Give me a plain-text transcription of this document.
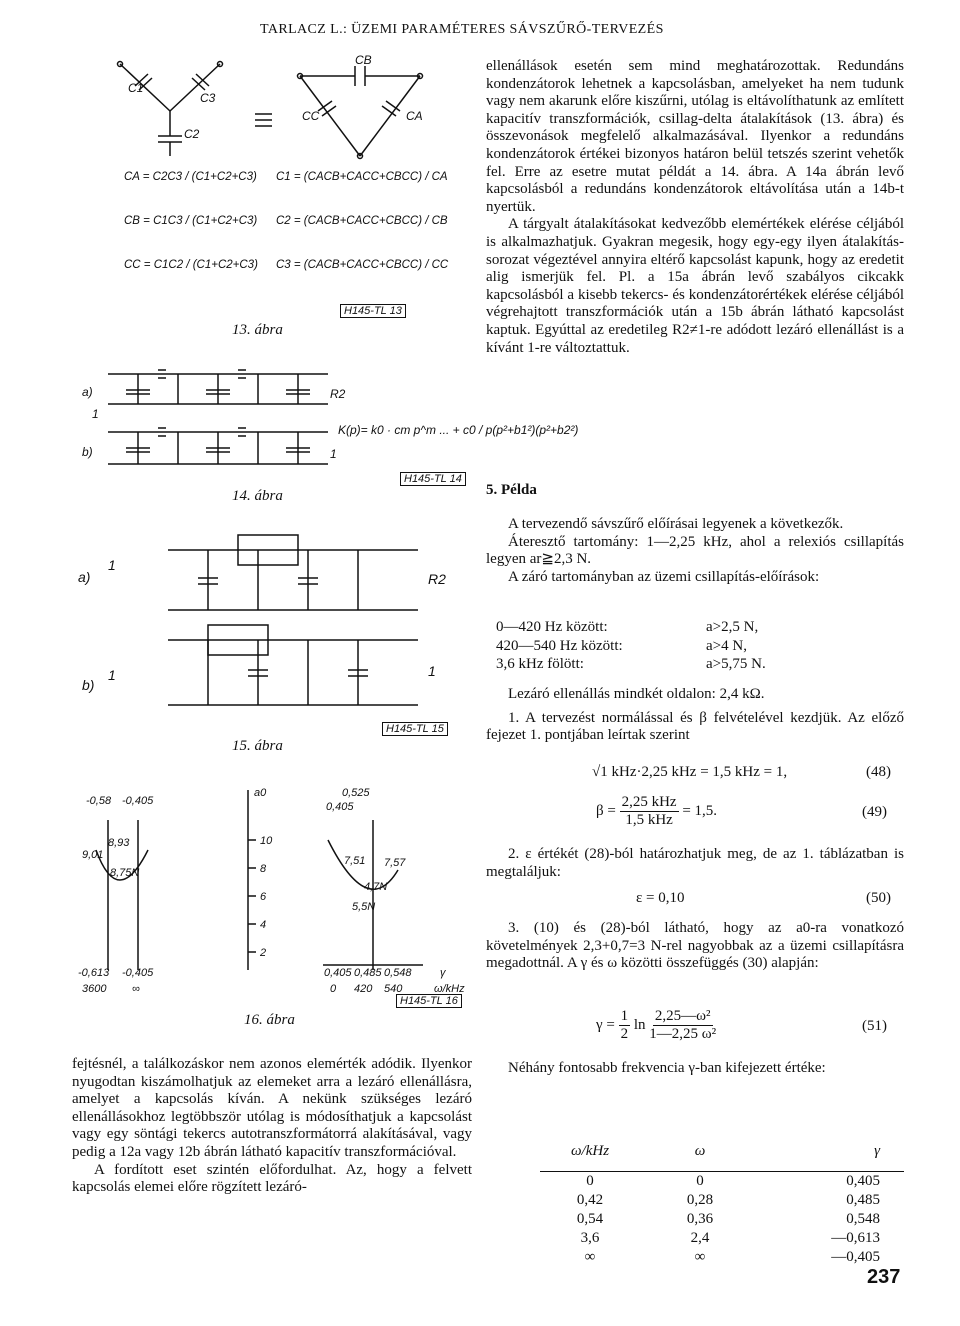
TARLACZ L.: ÜZEMI PARAMÉTERES SÁVSZŰRŐ-TERVEZÉS
C1
C3
C2
CB
CC	CA
CA = C2C3 / (C1+C2+C3)
CB = C1C3 / (C1+C2+C3)
CC = C1C2 / (C1+C2+C3)
C1 = (CACB+CACC+CBCC) / CA
C2 = (CACB+CACC+CBCC) / CB
C3 = (CACB+CACC+CBCC) / CC
H145-TL 13
13. ábra
a)
b)
1
R2
1
K(p)= k0 · cm p^m ... + c0 / p(p²+b1²)(p²+b2²)
H145-TL 14
14. ábra
a)
b)
1
1
R2
1
H145-TL 15
15. ábra
a0
10
8
6
4
2
-0,58 -0,405	0,405
0,525
9,01
8,93
8,75N
7,51 7,57
4,7N
5,5N
-0,613 -0,405
3600 ∞
0,405 0,485 0,548
0 420 540
γ
ω/kHz
H145-TL 16
16. ábra

ellenállások esetén sem mind meghatározottak. Redundáns kondenzátorok lehetnek a kapcsolásban, amelyeket ha nem tudunk vagy nem akarunk előre kiszűrni, utólag is eltávolíthatunk az említett kapacitív transzformációk, csillag-delta átalakítások (13. ábra) és összevonások megfelelő alkalmazásával. Ilyenkor a redundáns kondenzátorok értékei bizonyos határon belül tetszés szerint vehetők fel. Erre az esetre mutat példát a 14. ábra. A 14a ábrán levő kapcsolásból a redundáns kondenzátorok eltávolítása után a 14b-t nyertük.

A tárgyalt átalakításokat kedvezőbb elemértékek elérése céljából is alkalmazhatjuk. Gyakran megesik, hogy egy-egy ilyen átalakítás-sorozat végeztével annyira eltérő kapcsolást kapunk, hogy az eredetit alig ismerjük fel. Pl. a 15a ábrán levő szabályos cikcakk kapcsolásból a kisebb tekercs- és kondenzátorértékek elérése céljából végrehajtott transzformációk után a 15b ábrán látható kapcsolást kaptuk. Egyúttal az eredetileg R2≠1-re adódott lezáró ellenállást is a kívánt 1-re változtattuk.

5. Példa

A tervezendő sávszűrő előírásai legyenek a következők.

Áteresztő tartomány: 1—2,25 kHz, ahol a relexiós csillapítás legyen ar≧2,3 N.

A záró tartományban az üzemi csillapítás-előírások:

0—420 Hz között:	a>2,5 N,
420—540 Hz között:	a>4 N,
3,6 kHz fölött:	a>5,75 N.

Lezáró ellenállás mindkét oldalon: 2,4 kΩ.

1. A tervezést normálással és β felvételével kezdjük. Az előző fejezet 1. pontjában leírtak szerint

√1 kHz·2,25 kHz = 1,5 kHz = 1,	(48)
$\beta = \frac{\text{2,25 kHz}}{\text{1,5 kHz}} = 1,5$.	(49)

2. ε értékét (28)-ból határozhatjuk meg, de az 1. táblázatban is megtaláljuk:

ε = 0,10	(50)

3. (10) és (28)-ból látható, hogy az a0-ra vonatkozó követelmények 2,3+0,7=3 N-rel nagyobbak az a üzemi csillapításra megadottnál. A γ és ω közötti összefüggés (30) alapján:

$\gamma = \frac{1}{2}$ $\ln \frac{\text{2,25—ω²}}{\text{1—2,25 ω²}}$	(51)

Néhány fontosabb frekvencia γ-ban kifejezett értéke:

ω/kHz	ω	γ
0	0	0,405
0,42	0,28	0,485
0,54	0,36	0,548
3,6	2,4	—0,613
∞	∞	—0,405

fejtésnél, a találkozáskor nem azonos elemérték adódik. Ilyenkor nyugodtan kiszámolhatjuk az elemeket arra a lezáró ellenállásra, amelyet a kapcsolás kíván. A nekünk szükséges lezáró ellenállásokhoz legtöbbször utólag is módosíthatjuk a kapcsolást vagy egy söntági tekercs autotranszformátorrá alakításával, vagy pedig a 12a vagy 12b ábrán látható kapacitív transzformációval.

A fordított eset szintén előfordulhat. Az, hogy a felvett kapcsolás elemei előre rögzített lezáró-

237
